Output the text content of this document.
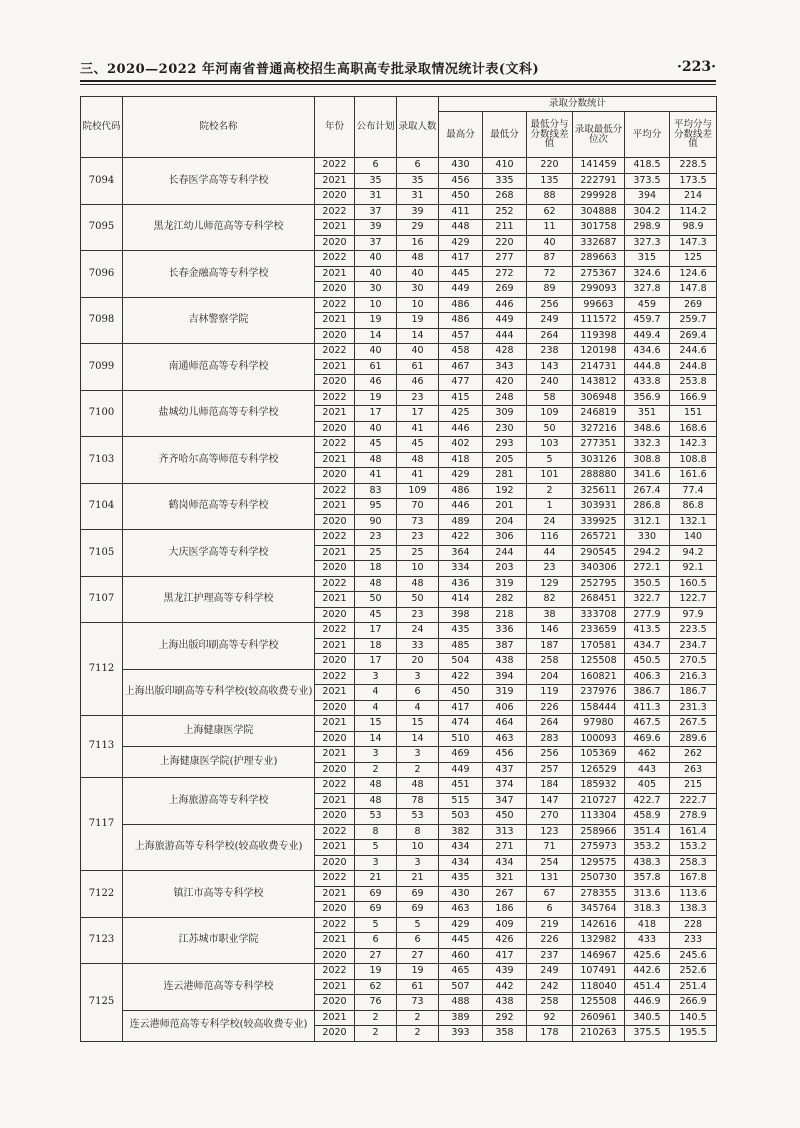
三、2020—2022 年河南省普通高校招生高职高专批录取情况统计表(文科)	·223·
院校代码	院校名称	年份	公布计划	录取人数	录取分数统计					
					最高分	最低分	最低分与分数线差值	录取最低分位次	平均分	平均分与分数线差值
7094	长春医学高等专科学校	2022	6	6	430	410	220	141459	418.5	228.5
		2021	35	35	456	335	135	222791	373.5	173.5
		2020	31	31	450	268	88	299928	394	214
7095	黑龙江幼儿师范高等专科学校	2022	37	39	411	252	62	304888	304.2	114.2
		2021	39	29	448	211	11	301758	298.9	98.9
		2020	37	16	429	220	40	332687	327.3	147.3
7096	长春金融高等专科学校	2022	40	48	417	277	87	289663	315	125
		2021	40	40	445	272	72	275367	324.6	124.6
		2020	30	30	449	269	89	299093	327.8	147.8
7098	吉林警察学院	2022	10	10	486	446	256	99663	459	269
		2021	19	19	486	449	249	111572	459.7	259.7
		2020	14	14	457	444	264	119398	449.4	269.4
7099	南通师范高等专科学校	2022	40	40	458	428	238	120198	434.6	244.6
		2021	61	61	467	343	143	214731	444.8	244.8
		2020	46	46	477	420	240	143812	433.8	253.8
7100	盐城幼儿师范高等专科学校	2022	19	23	415	248	58	306948	356.9	166.9
		2021	17	17	425	309	109	246819	351	151
		2020	40	41	446	230	50	327216	348.6	168.6
7103	齐齐哈尔高等师范专科学校	2022	45	45	402	293	103	277351	332.3	142.3
		2021	48	48	418	205	5	303126	308.8	108.8
		2020	41	41	429	281	101	288880	341.6	161.6
7104	鹤岗师范高等专科学校	2022	83	109	486	192	2	325611	267.4	77.4
		2021	95	70	446	201	1	303931	286.8	86.8
		2020	90	73	489	204	24	339925	312.1	132.1
7105	大庆医学高等专科学校	2022	23	23	422	306	116	265721	330	140
		2021	25	25	364	244	44	290545	294.2	94.2
		2020	18	10	334	203	23	340306	272.1	92.1
7107	黑龙江护理高等专科学校	2022	48	48	436	319	129	252795	350.5	160.5
		2021	50	50	414	282	82	268451	322.7	122.7
		2020	45	23	398	218	38	333708	277.9	97.9
7112	上海出版印刷高等专科学校	2022	17	24	435	336	146	233659	413.5	223.5
		2021	18	33	485	387	187	170581	434.7	234.7
		2020	17	20	504	438	258	125508	450.5	270.5
	上海出版印刷高等专科学校(较高收费专业)	2022	3	3	422	394	204	160821	406.3	216.3
		2021	4	6	450	319	119	237976	386.7	186.7
		2020	4	4	417	406	226	158444	411.3	231.3
7113	上海健康医学院	2021	15	15	474	464	264	97980	467.5	267.5
		2020	14	14	510	463	283	100093	469.6	289.6
	上海健康医学院(护理专业)	2021	3	3	469	456	256	105369	462	262
		2020	2	2	449	437	257	126529	443	263
7117	上海旅游高等专科学校	2022	48	48	451	374	184	185932	405	215
		2021	48	78	515	347	147	210727	422.7	222.7
		2020	53	53	503	450	270	113304	458.9	278.9
	上海旅游高等专科学校(较高收费专业)	2022	8	8	382	313	123	258966	351.4	161.4
		2021	5	10	434	271	71	275973	353.2	153.2
		2020	3	3	434	434	254	129575	438.3	258.3
7122	镇江市高等专科学校	2022	21	21	435	321	131	250730	357.8	167.8
		2021	69	69	430	267	67	278355	313.6	113.6
		2020	69	69	463	186	6	345764	318.3	138.3
7123	江苏城市职业学院	2022	5	5	429	409	219	142616	418	228
		2021	6	6	445	426	226	132982	433	233
		2020	27	27	460	417	237	146967	425.6	245.6
7125	连云港师范高等专科学校	2022	19	19	465	439	249	107491	442.6	252.6
		2021	62	61	507	442	242	118040	451.4	251.4
		2020	76	73	488	438	258	125508	446.9	266.9
	连云港师范高等专科学校(较高收费专业)	2021	2	2	389	292	92	260961	340.5	140.5
		2020	2	2	393	358	178	210263	375.5	195.5
